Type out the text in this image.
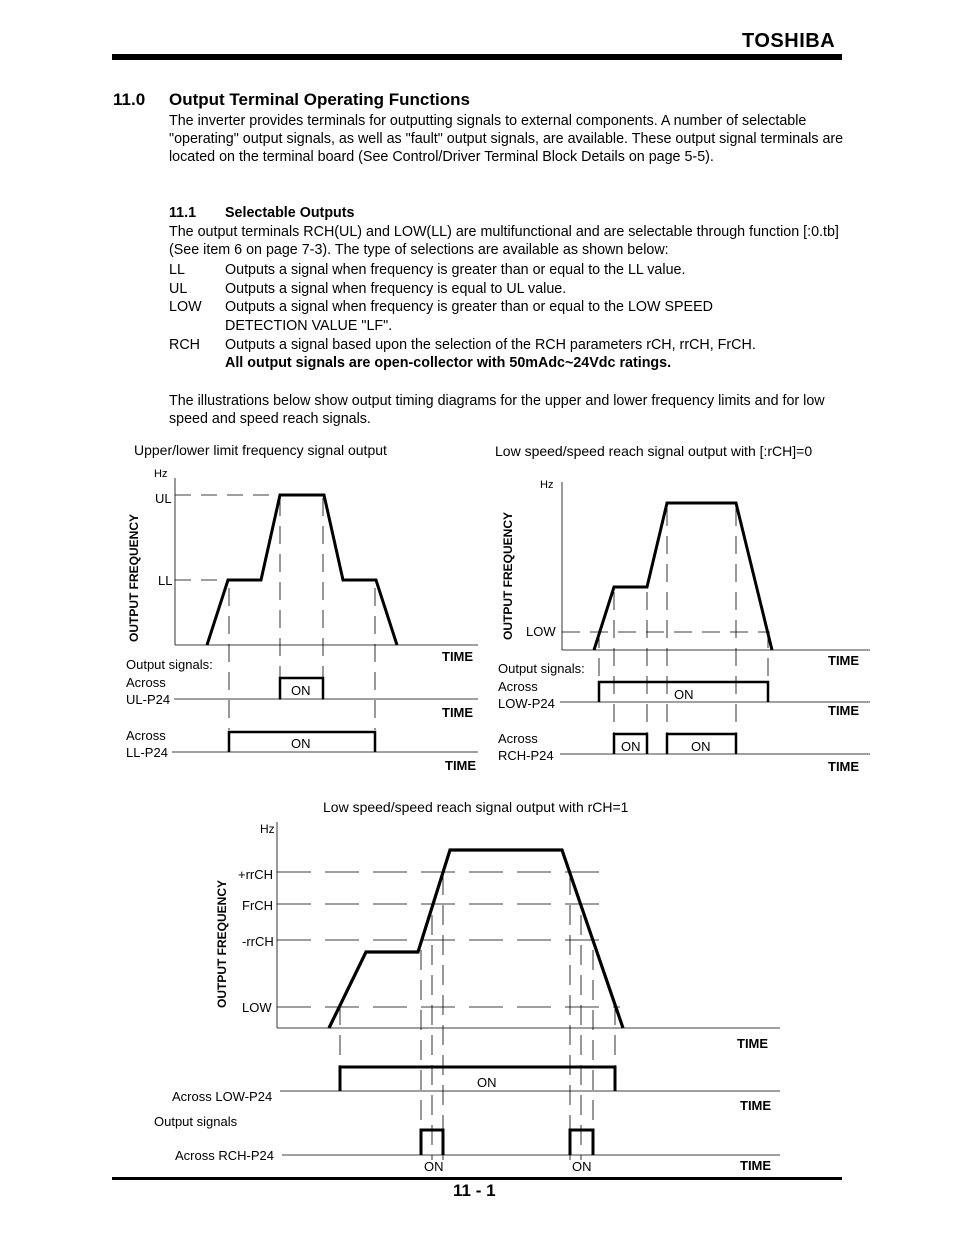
TOSHIBA
11.0 Output Terminal Operating Functions
The inverter provides terminals for outputting signals to external components. A number of selectable "operating" output signals, as well as "fault" output signals, are available. These output signal terminals are located on the terminal board (See Control/Driver Terminal Block Details on page 5-5).
11.1 Selectable Outputs
The output terminals RCH(UL) and LOW(LL) are multifunctional and are selectable through function [:0.tb] (See item 6 on page 7-3). The type of selections are available as shown below:
LL	Outputs a signal when frequency is greater than or equal to the LL value.
UL	Outputs a signal when frequency is equal to UL value.
LOW	Outputs a signal when frequency is greater than or equal to the LOW SPEED DETECTION VALUE "LF".
RCH	Outputs a signal based upon the selection of the RCH parameters rCH, rrCH, FrCH.
All output signals are open-collector with 50mAdc~24Vdc ratings.
The illustrations below show output timing diagrams for the upper and lower frequency limits and for low speed and speed reach signals.
Upper/lower limit frequency signal output
OUTPUT FREQUENCY
Hz
UL
LL
TIME
Output signals:
Across
UL-P24
ON
TIME
Across
LL-P24
ON
TIME
Low speed/speed reach signal output with [:rCH]=0
OUTPUT FREQUENCY
Hz
LOW
TIME
Output signals:
Across
LOW-P24
ON
TIME
Across
RCH-P24
ON	ON
TIME
Low speed/speed reach signal output with rCH=1
OUTPUT FREQUENCY
Hz
+rrCH
FrCH
-rrCH
LOW
TIME
Across LOW-P24
ON
TIME
Output signals
Across RCH-P24
ON	ON	TIME
11 - 1
